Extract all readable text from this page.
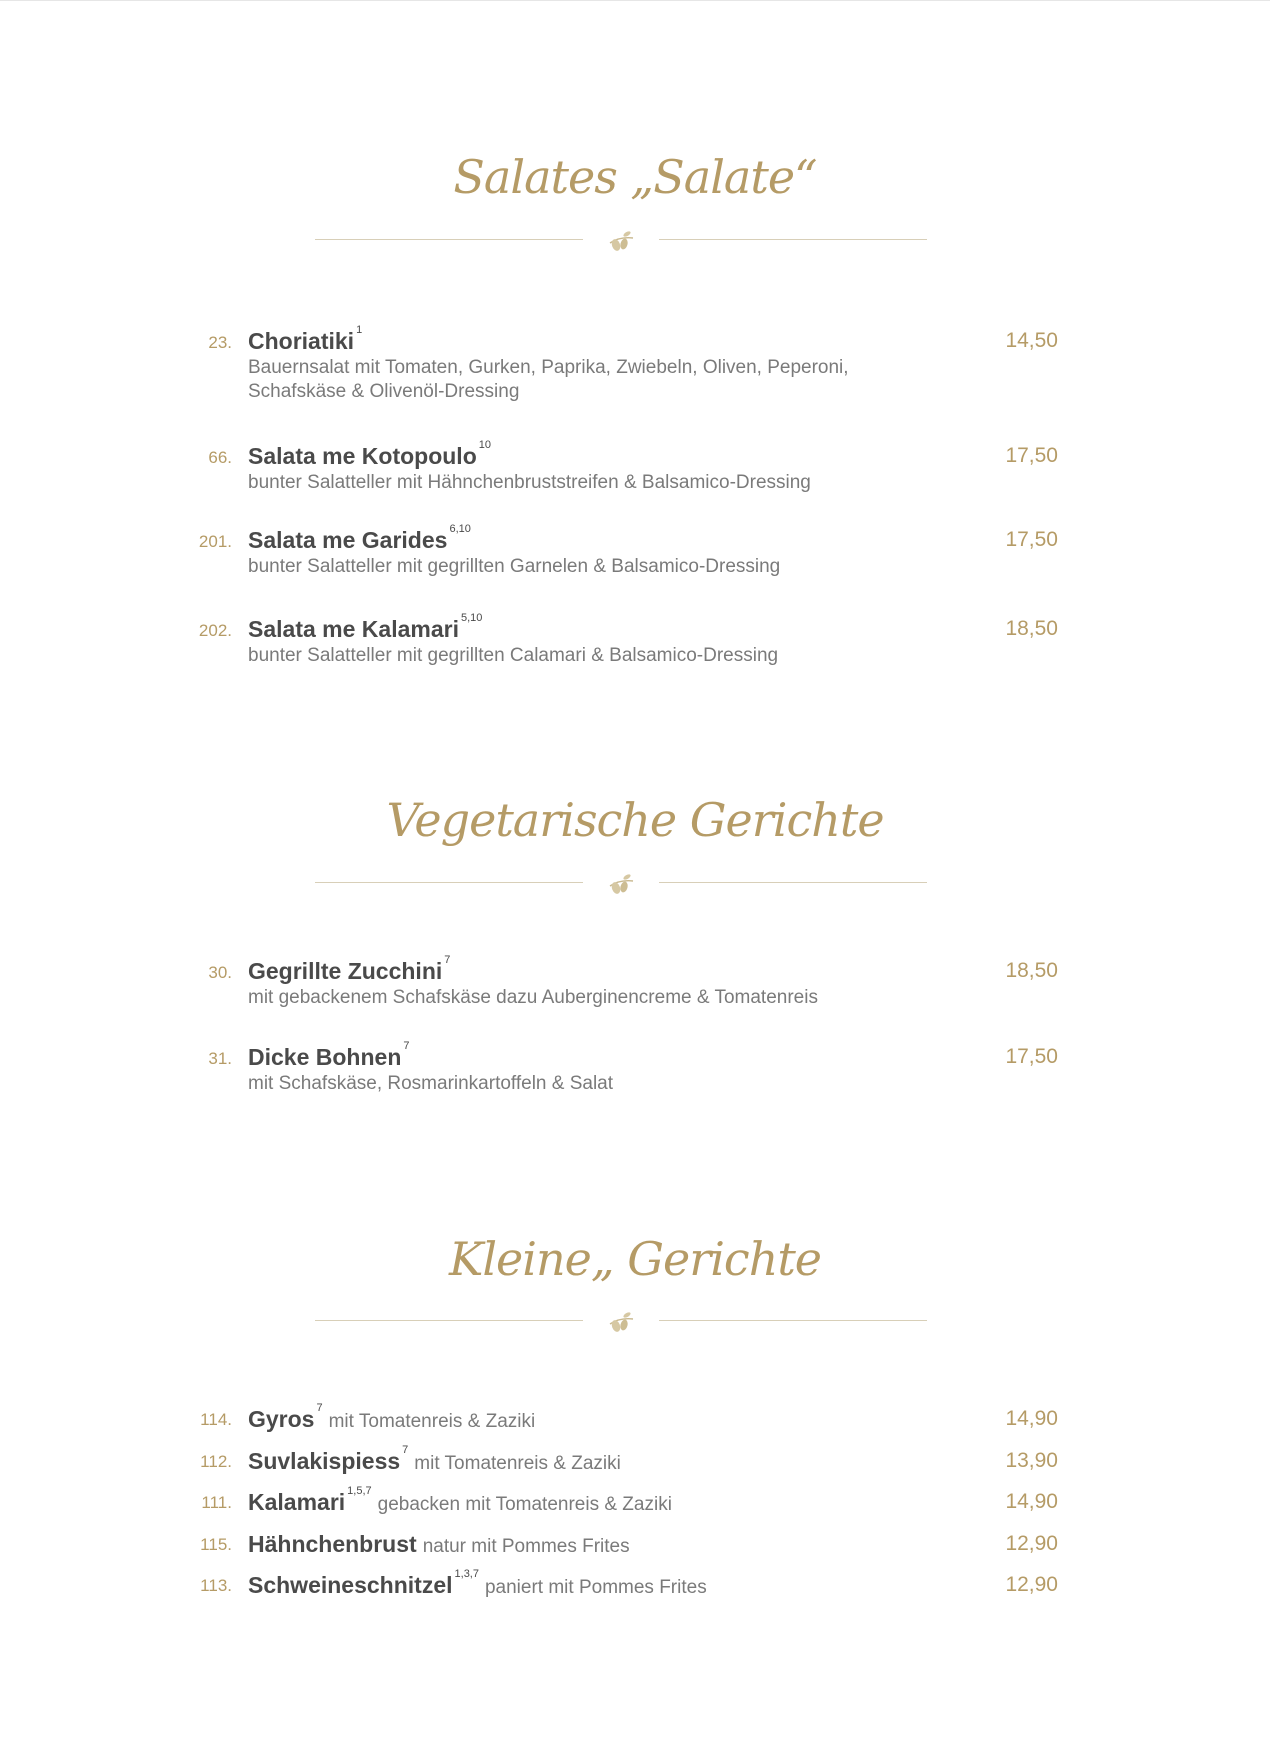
Salates „Salate“
23. Choriatiki $^1$	14,50
Bauernsalat mit Tomaten, Gurken, Paprika, Zwiebeln, Oliven, Peperoni,
Schafskäse & Olivenöl-Dressing
66. Salata me Kotopoulo $^{10}$	17,50
bunter Salatteller mit Hähnchenbruststreifen & Balsamico-Dressing
201. Salata me Garides $^{6,10}$	17,50
bunter Salatteller mit gegrillten Garnelen & Balsamico-Dressing
202. Salata me Kalamari $^{5,10}$	18,50
bunter Salatteller mit gegrillten Calamari & Balsamico-Dressing
Vegetarische Gerichte
30. Gegrillte Zucchini $^7$	18,50
mit gebackenem Schafskäse dazu Auberginencreme & Tomatenreis
31. Dicke Bohnen $^7$	17,50
mit Schafskäse, Rosmarinkartoffeln & Salat
Kleine„ Gerichte
114. Gyros $^7$mit Tomatenreis & Zaziki	14,90
112. Suvlakispiess $^7$mit Tomatenreis & Zaziki	13,90
111. Kalamari $^{1,5,7}$gebacken mit Tomatenreis & Zaziki	14,90
115. Hähnchenbrust natur mit Pommes Frites	12,90
113. Schweineschnitzel $^{1,3,7}$paniert mit Pommes Frites	12,90
